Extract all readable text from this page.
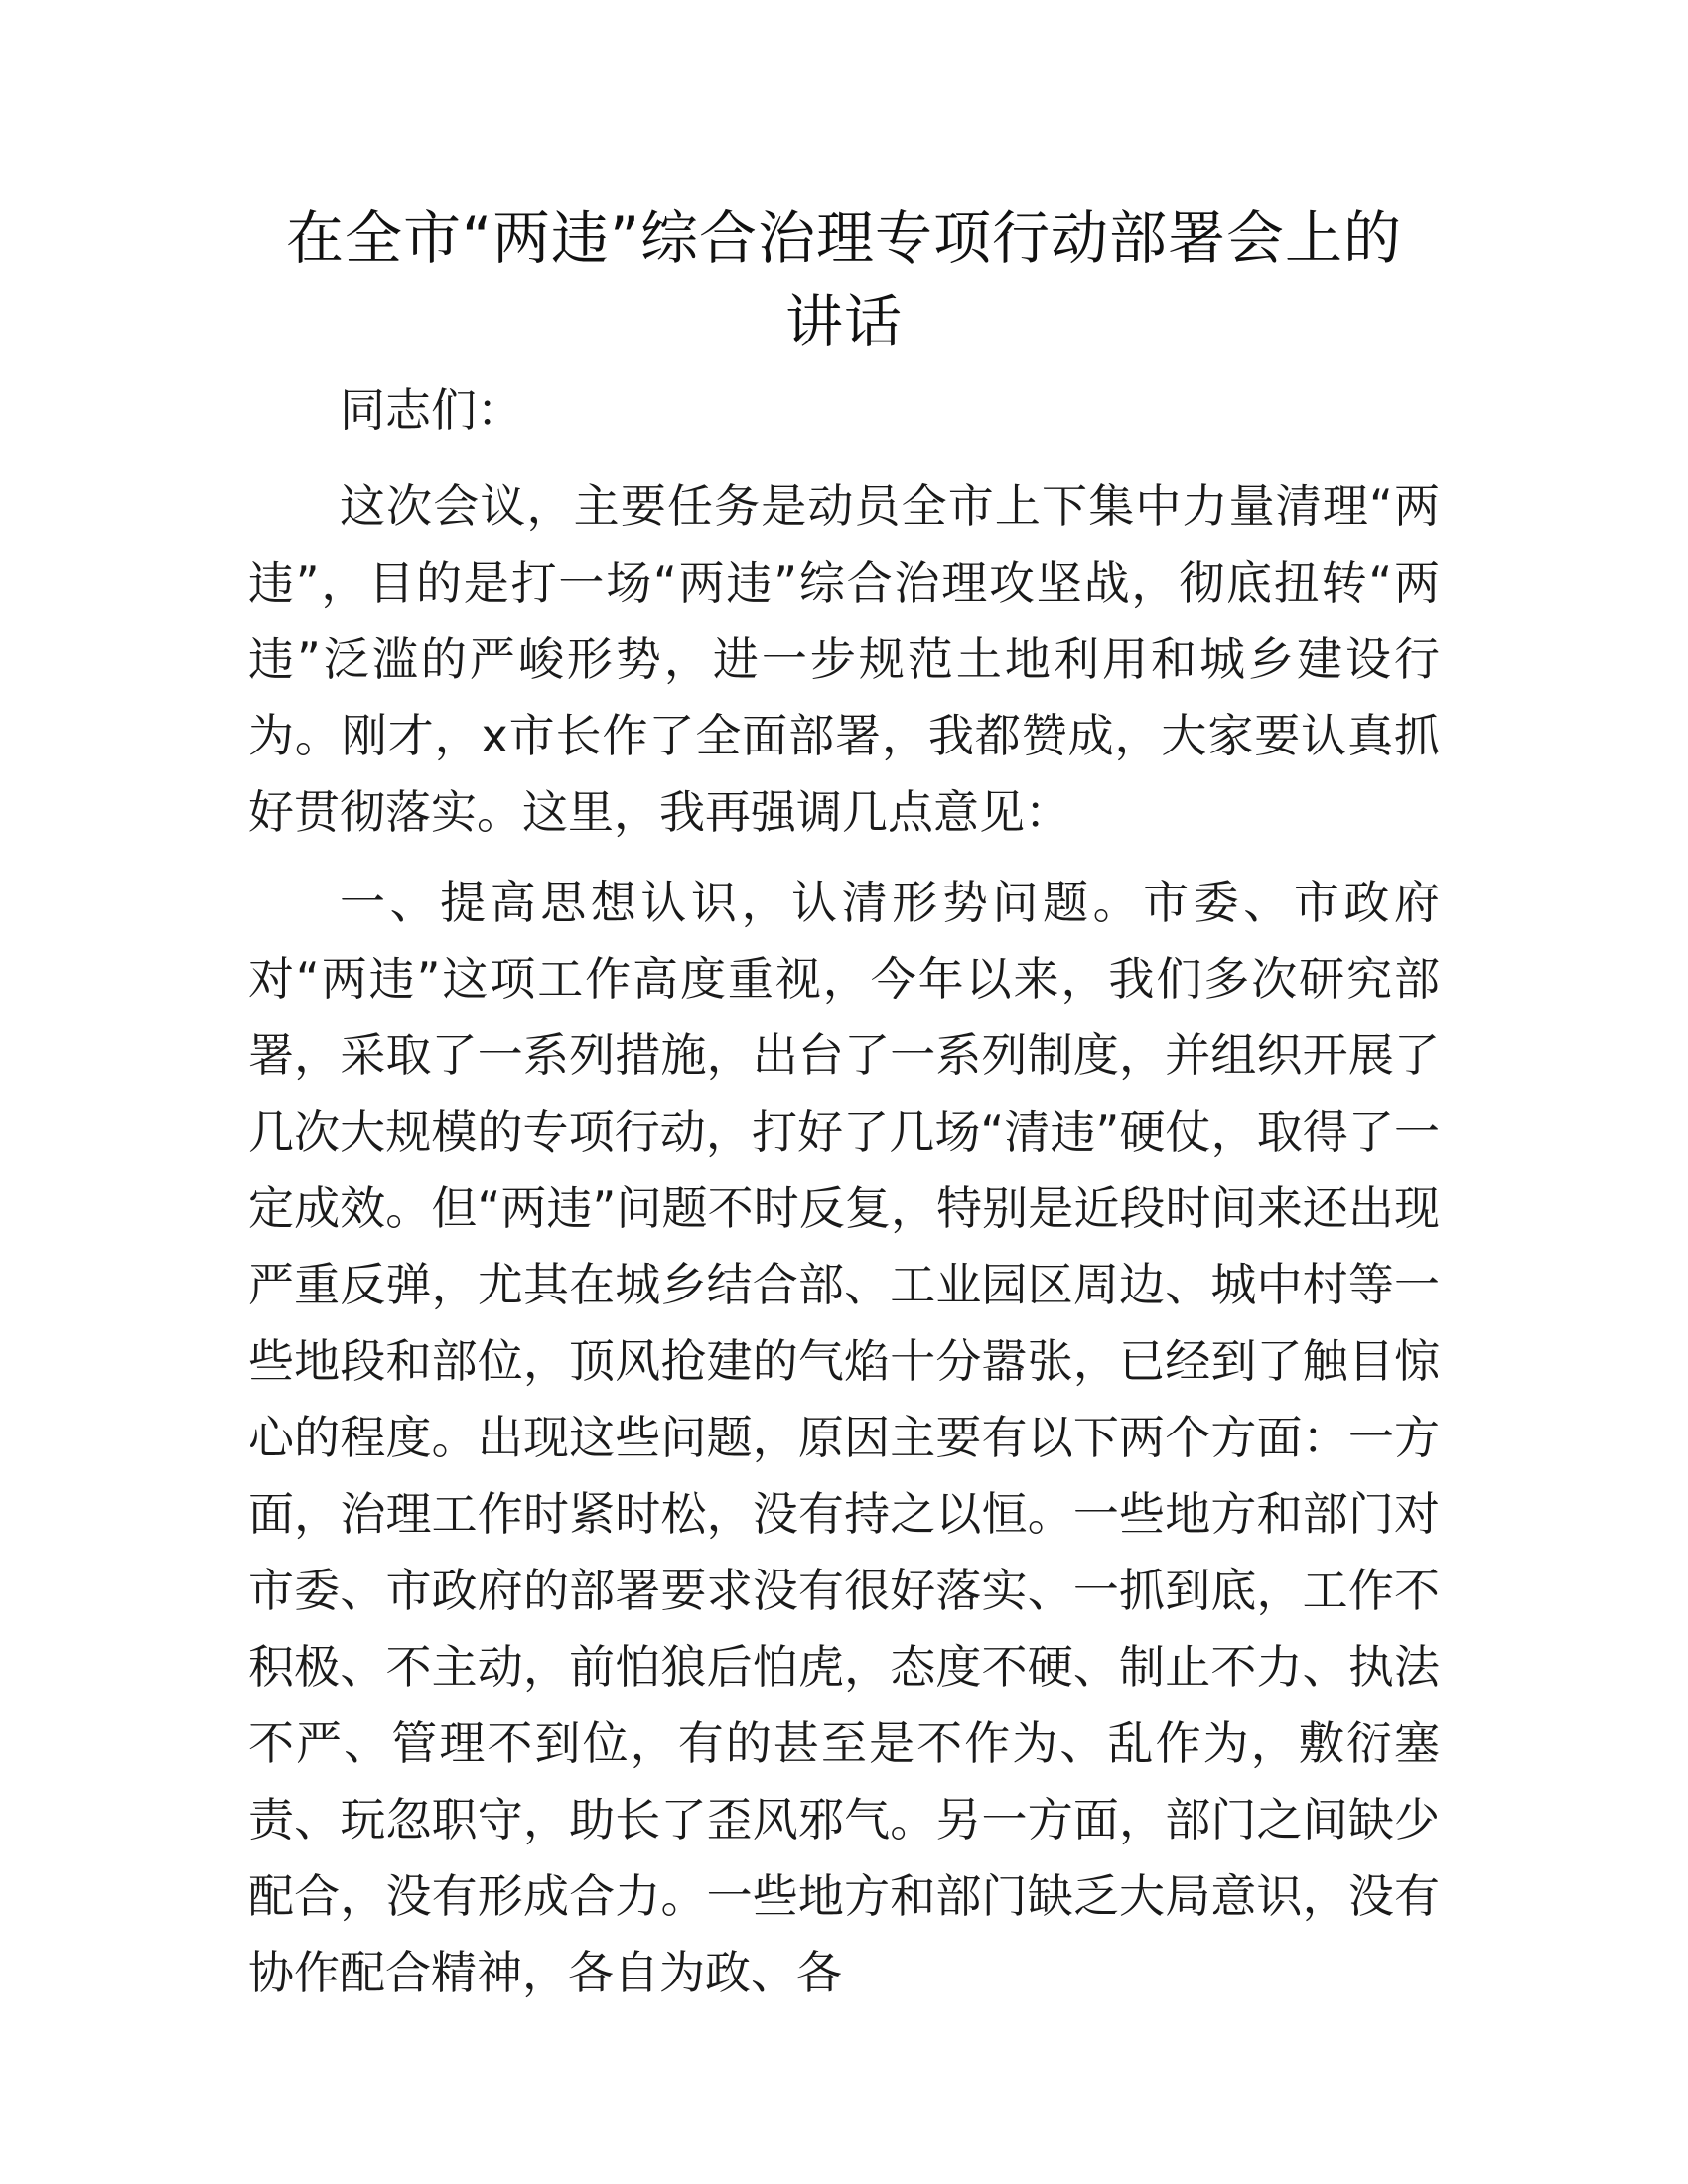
在全市“两违”综合治理专项行动部署会上的
讲话

同志们：

这次会议，主要任务是动员全市上下集中力量清理“两违”，目的是打一场“两违”综合治理攻坚战，彻底扭转“两违”泛滥的严峻形势，进一步规范土地利用和城乡建设行为。刚才，x市长作了全面部署，我都赞成，大家要认真抓好贯彻落实。这里，我再强调几点意见：

一、提高思想认识，认清形势问题。市委、市政府对“两违”这项工作高度重视，今年以来，我们多次研究部署，采取了一系列措施，出台了一系列制度，并组织开展了几次大规模的专项行动，打好了几场“清违”硬仗，取得了一定成效。但“两违”问题不时反复，特别是近段时间来还出现严重反弹，尤其在城乡结合部、工业园区周边、城中村等一些地段和部位，顶风抢建的气焰十分嚣张，已经到了触目惊心的程度。出现这些问题，原因主要有以下两个方面：一方面，治理工作时紧时松，没有持之以恒。一些地方和部门对市委、市政府的部署要求没有很好落实、一抓到底，工作不积极、不主动，前怕狼后怕虎，态度不硬、制止不力、执法不严、管理不到位，有的甚至是不作为、乱作为，敷衍塞责、玩忽职守，助长了歪风邪气。另一方面，部门之间缺少配合，没有形成合力。一些地方和部门缺乏大局意识，没有协作配合精神，各自为政、各
